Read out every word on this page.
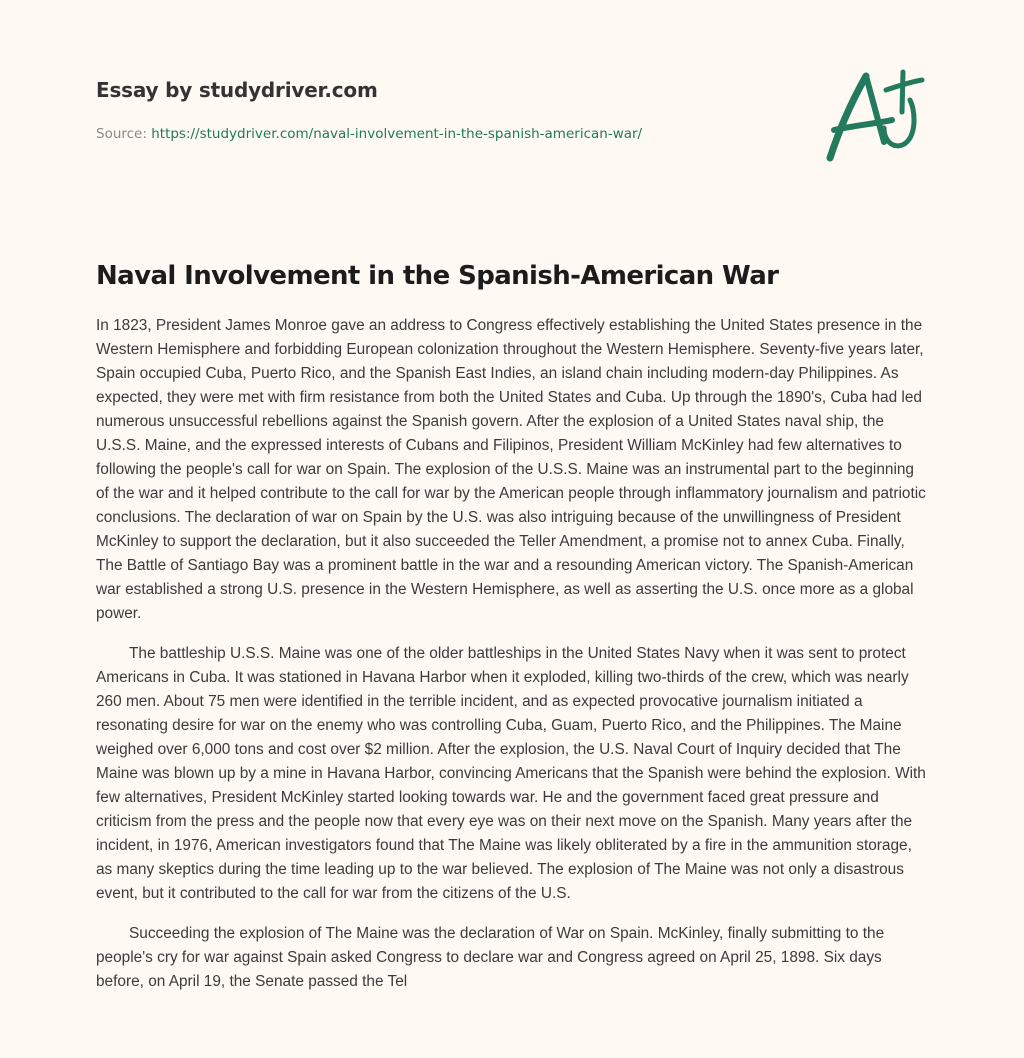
Essay by studydriver.com
Source: https://studydriver.com/naval-involvement-in-the-spanish-american-war/
Naval Involvement in the Spanish-American War

In 1823, President James Monroe gave an address to Congress effectively establishing the United States presence in the Western Hemisphere and forbidding European colonization throughout the Western Hemisphere. Seventy-five years later, Spain occupied Cuba, Puerto Rico, and the Spanish East Indies, an island chain including modern-day Philippines. As expected, they were met with firm resistance from both the United States and Cuba. Up through the 1890's, Cuba had led numerous unsuccessful rebellions against the Spanish govern. After the explosion of a United States naval ship, the U.S.S. Maine, and the expressed interests of Cubans and Filipinos, President William McKinley had few alternatives to following the people's call for war on Spain. The explosion of the U.S.S. Maine was an instrumental part to the beginning of the war and it helped contribute to the call for war by the American people through inflammatory journalism and patriotic conclusions. The declaration of war on Spain by the U.S. was also intriguing because of the unwillingness of President McKinley to support the declaration, but it also succeeded the Teller Amendment, a promise not to annex Cuba. Finally, The Battle of Santiago Bay was a prominent battle in the war and a resounding American victory. The Spanish-American war established a strong U.S. presence in the Western Hemisphere, as well as asserting the U.S. once more as a global power.

The battleship U.S.S. Maine was one of the older battleships in the United States Navy when it was sent to protect Americans in Cuba. It was stationed in Havana Harbor when it exploded, killing two-thirds of the crew, which was nearly 260 men. About 75 men were identified in the terrible incident, and as expected provocative journalism initiated a resonating desire for war on the enemy who was controlling Cuba, Guam, Puerto Rico, and the Philippines. The Maine weighed over 6,000 tons and cost over $2 million. After the explosion, the U.S. Naval Court of Inquiry decided that The Maine was blown up by a mine in Havana Harbor, convincing Americans that the Spanish were behind the explosion. With few alternatives, President McKinley started looking towards war. He and the government faced great pressure and criticism from the press and the people now that every eye was on their next move on the Spanish. Many years after the incident, in 1976, American investigators found that The Maine was likely obliterated by a fire in the ammunition storage, as many skeptics during the time leading up to the war believed. The explosion of The Maine was not only a disastrous event, but it contributed to the call for war from the citizens of the U.S.

Succeeding the explosion of The Maine was the declaration of War on Spain. McKinley, finally submitting to the people's cry for war against Spain asked Congress to declare war and Congress agreed on April 25, 1898. Six days before, on April 19, the Senate passed the Tel
